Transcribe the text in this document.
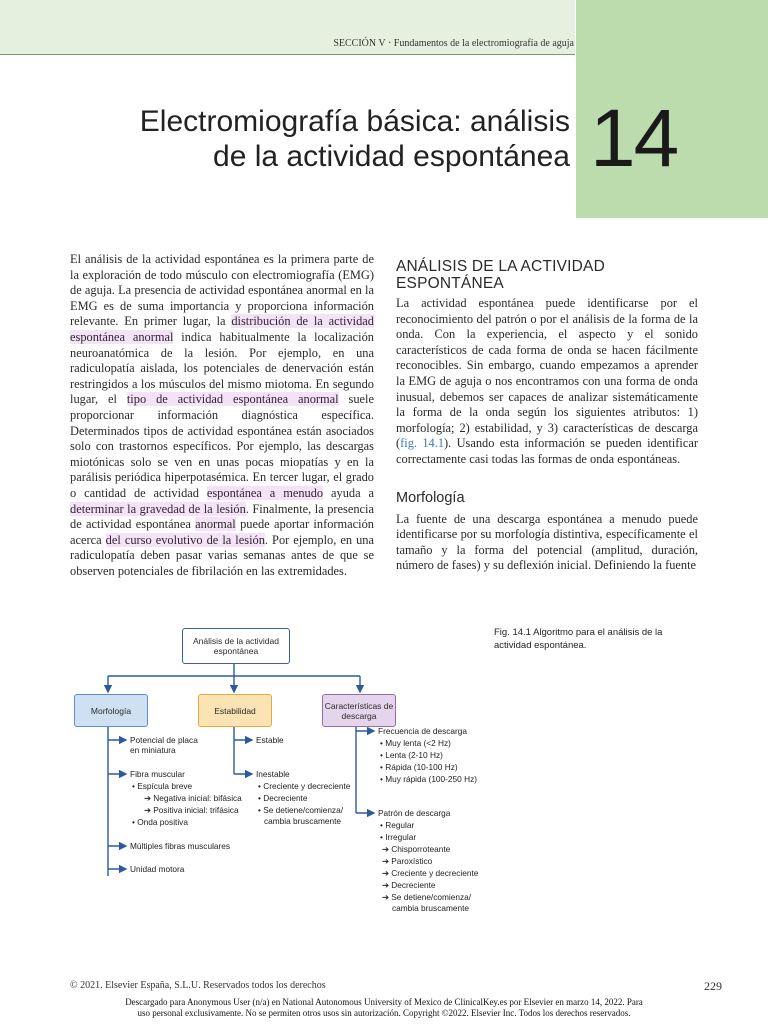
SECCIÓN V · Fundamentos de la electromiografía de aguja
14
Electromiografía básica: análisis
de la actividad espontánea
El análisis de la actividad espontánea es la primera parte de la exploración de todo músculo con electromiografía (EMG) de aguja. La presencia de actividad espontánea anormal en la EMG es de suma importancia y proporciona información relevante. En primer lugar, la distribución de la actividad espontánea anormal indica habitualmente la localización neuroanatómica de la lesión. Por ejemplo, en una radiculopatía aislada, los potenciales de denervación están restringidos a los músculos del mismo miotoma. En segundo lugar, el tipo de actividad espontánea anormal suele proporcionar información diagnóstica específica. Determinados tipos de actividad espontánea están asociados solo con trastornos específicos. Por ejemplo, las descargas miotónicas solo se ven en unas pocas miopatías y en la parálisis periódica hiperpotasémica. En tercer lugar, el grado o cantidad de actividad espontánea a menudo ayuda a determinar la gravedad de la lesión. Finalmente, la presencia de actividad espontánea anormal puede aportar información acerca del curso evolutivo de la lesión. Por ejemplo, en una radiculopatía deben pasar varias semanas antes de que se observen potenciales de fibrilación en las extremidades.
ANÁLISIS DE LA ACTIVIDAD ESPONTÁNEA
La actividad espontánea puede identificarse por el reconocimiento del patrón o por el análisis de la forma de la onda. Con la experiencia, el aspecto y el sonido característicos de cada forma de onda se hacen fácilmente reconocibles. Sin embargo, cuando empezamos a aprender la EMG de aguja o nos encontramos con una forma de onda inusual, debemos ser capaces de analizar sistemáticamente la forma de la onda según los siguientes atributos: 1) morfología; 2) estabilidad, y 3) características de descarga (fig. 14.1). Usando esta información se pueden identificar correctamente casi todas las formas de onda espontáneas.
Morfología
La fuente de una descarga espontánea a menudo puede identificarse por su morfología distintiva, específicamente el tamaño y la forma del potencial (amplitud, duración, número de fases) y su deflexión inicial. Definiendo la fuente
Análisis de la actividad espontánea
Morfología	Estabilidad	Características de descarga
Potencial de placa en miniatura
Fibra muscular
• Espícula breve
➔ Negativa inicial: bifásica
➔ Positiva inicial: trifásica
• Onda positiva
Múltiples fibras musculares
Unidad motora
Estable
Inestable
• Creciente y decreciente
• Decreciente
• Se detiene/comienza/
cambia bruscamente
Frecuencia de descarga
• Muy lenta (<2 Hz)
• Lenta (2-10 Hz)
• Rápida (10-100 Hz)
• Muy rápida (100-250 Hz)
Patrón de descarga
• Regular
• Irregular
➔ Chisporroteante
➔ Paroxístico
➔ Creciente y decreciente
➔ Decreciente
➔ Se detiene/comienza/
cambia bruscamente
Fig. 14.1 Algoritmo para el análisis de la actividad espontánea.
© 2021. Elsevier España, S.L.U. Reservados todos los derechos	229
Descargado para Anonymous User (n/a) en National Autonomous University of Mexico de ClinicalKey.es por Elsevier en marzo 14, 2022. Para
uso personal exclusivamente. No se permiten otros usos sin autorización. Copyright ©2022. Elsevier Inc. Todos los derechos reservados.
